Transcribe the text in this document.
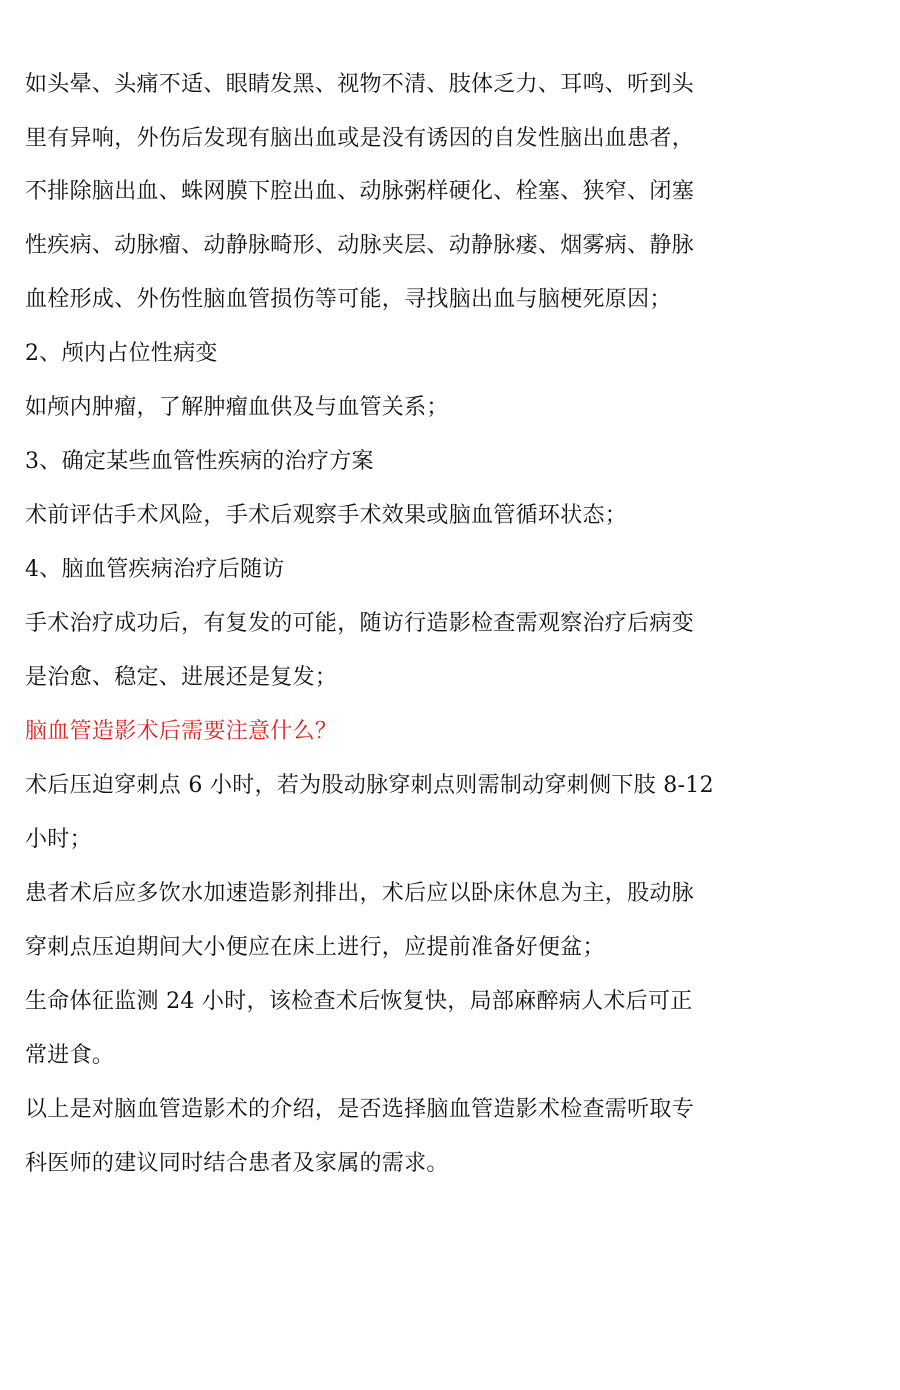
如头晕、头痛不适、眼睛发黑、视物不清、肢体乏力、耳鸣、听到头
里有异响，外伤后发现有脑出血或是没有诱因的自发性脑出血患者，
不排除脑出血、蛛网膜下腔出血、动脉粥样硬化、栓塞、狭窄、闭塞
性疾病、动脉瘤、动静脉畸形、动脉夹层、动静脉瘘、烟雾病、静脉
血栓形成、外伤性脑血管损伤等可能，寻找脑出血与脑梗死原因；
2、颅内占位性病变
如颅内肿瘤，了解肿瘤血供及与血管关系；
3、确定某些血管性疾病的治疗方案
术前评估手术风险，手术后观察手术效果或脑血管循环状态；
4、脑血管疾病治疗后随访
手术治疗成功后，有复发的可能，随访行造影检查需观察治疗后病变
是治愈、稳定、进展还是复发；
脑血管造影术后需要注意什么？
术后压迫穿刺点 6 小时，若为股动脉穿刺点则需制动穿刺侧下肢 8-12
小时；
患者术后应多饮水加速造影剂排出，术后应以卧床休息为主，股动脉
穿刺点压迫期间大小便应在床上进行，应提前准备好便盆；
生命体征监测 24 小时，该检查术后恢复快，局部麻醉病人术后可正
常进食。
以上是对脑血管造影术的介绍，是否选择脑血管造影术检查需听取专
科医师的建议同时结合患者及家属的需求。
